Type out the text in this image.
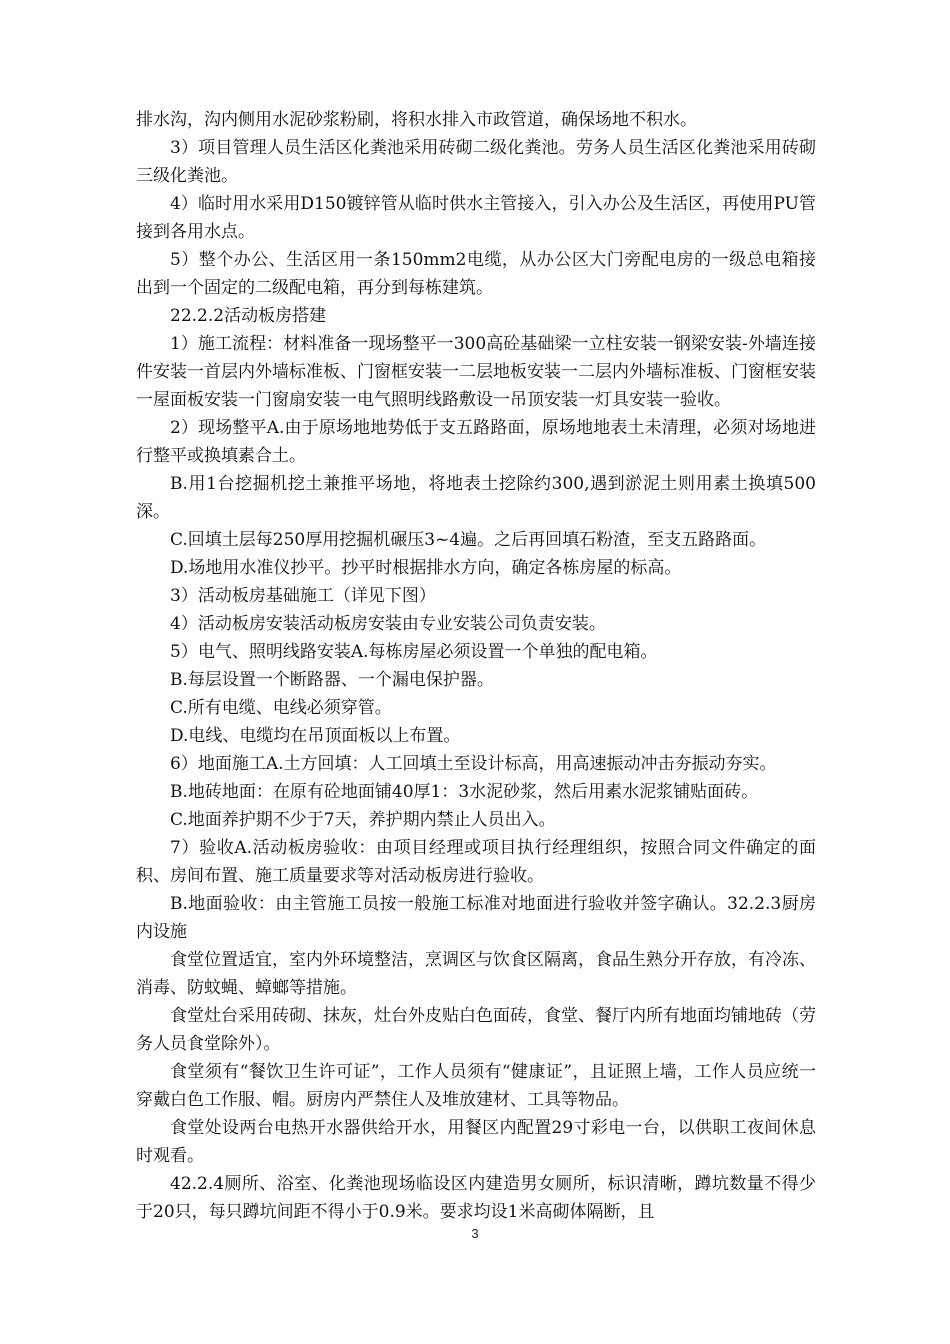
排水沟，沟内侧用水泥砂浆粉刷，将积水排入市政管道，确保场地不积水。

3）项目管理人员生活区化粪池采用砖砌二级化粪池。劳务人员生活区化粪池采用砖砌三级化粪池。

4）临时用水采用D150镀锌管从临时供水主管接入，引入办公及生活区，再使用PU管接到各用水点。

5）整个办公、生活区用一条150mm2电缆，从办公区大门旁配电房的一级总电箱接出到一个固定的二级配电箱，再分到每栋建筑。

22.2.2活动板房搭建

1）施工流程：材料准备一现场整平一300高砼基础梁一立柱安装一钢梁安装-外墙连接件安装一首层内外墙标准板、门窗框安装一二层地板安装一二层内外墙标准板、门窗框安装一屋面板安装一门窗扇安装一电气照明线路敷设一吊顶安装一灯具安装一验收。

2）现场整平A.由于原场地地势低于支五路路面，原场地地表土未清理，必须对场地进行整平或换填素合土。

B.用1台挖掘机挖土兼推平场地，将地表土挖除约300,遇到淤泥土则用素土换填500深。

C.回填土层每250厚用挖掘机碾压3~4遍。之后再回填石粉渣，至支五路路面。

D.场地用水准仪抄平。抄平时根据排水方向，确定各栋房屋的标高。

3）活动板房基础施工（详见下图）

4）活动板房安装活动板房安装由专业安装公司负责安装。

5）电气、照明线路安装A.每栋房屋必须设置一个单独的配电箱。

B.每层设置一个断路器、一个漏电保护器。

C.所有电缆、电线必须穿管。

D.电线、电缆均在吊顶面板以上布置。

6）地面施工A.土方回填：人工回填土至设计标高，用高速振动冲击夯振动夯实。

B.地砖地面：在原有砼地面铺40厚1：3水泥砂浆，然后用素水泥浆铺贴面砖。

C.地面养护期不少于7天，养护期内禁止人员出入。

7）验收A.活动板房验收：由项目经理或项目执行经理组织，按照合同文件确定的面积、房间布置、施工质量要求等对活动板房进行验收。

B.地面验收：由主管施工员按一般施工标准对地面进行验收并签字确认。32.2.3厨房内设施

食堂位置适宜，室内外环境整洁，烹调区与饮食区隔离，食品生熟分开存放，有冷冻、消毒、防蚊蝇、蟑螂等措施。

食堂灶台采用砖砌、抹灰，灶台外皮贴白色面砖，食堂、餐厅内所有地面均铺地砖（劳务人员食堂除外）。

食堂须有“餐饮卫生许可证”，工作人员须有“健康证”，且证照上墙，工作人员应统一穿戴白色工作服、帽。厨房内严禁住人及堆放建材、工具等物品。

食堂处设两台电热开水器供给开水，用餐区内配置29寸彩电一台，以供职工夜间休息时观看。

42.2.4厕所、浴室、化粪池现场临设区内建造男女厕所，标识清晰，蹲坑数量不得少于20只，每只蹲坑间距不得小于0.9米。要求均设1米高砌体隔断，且

3
